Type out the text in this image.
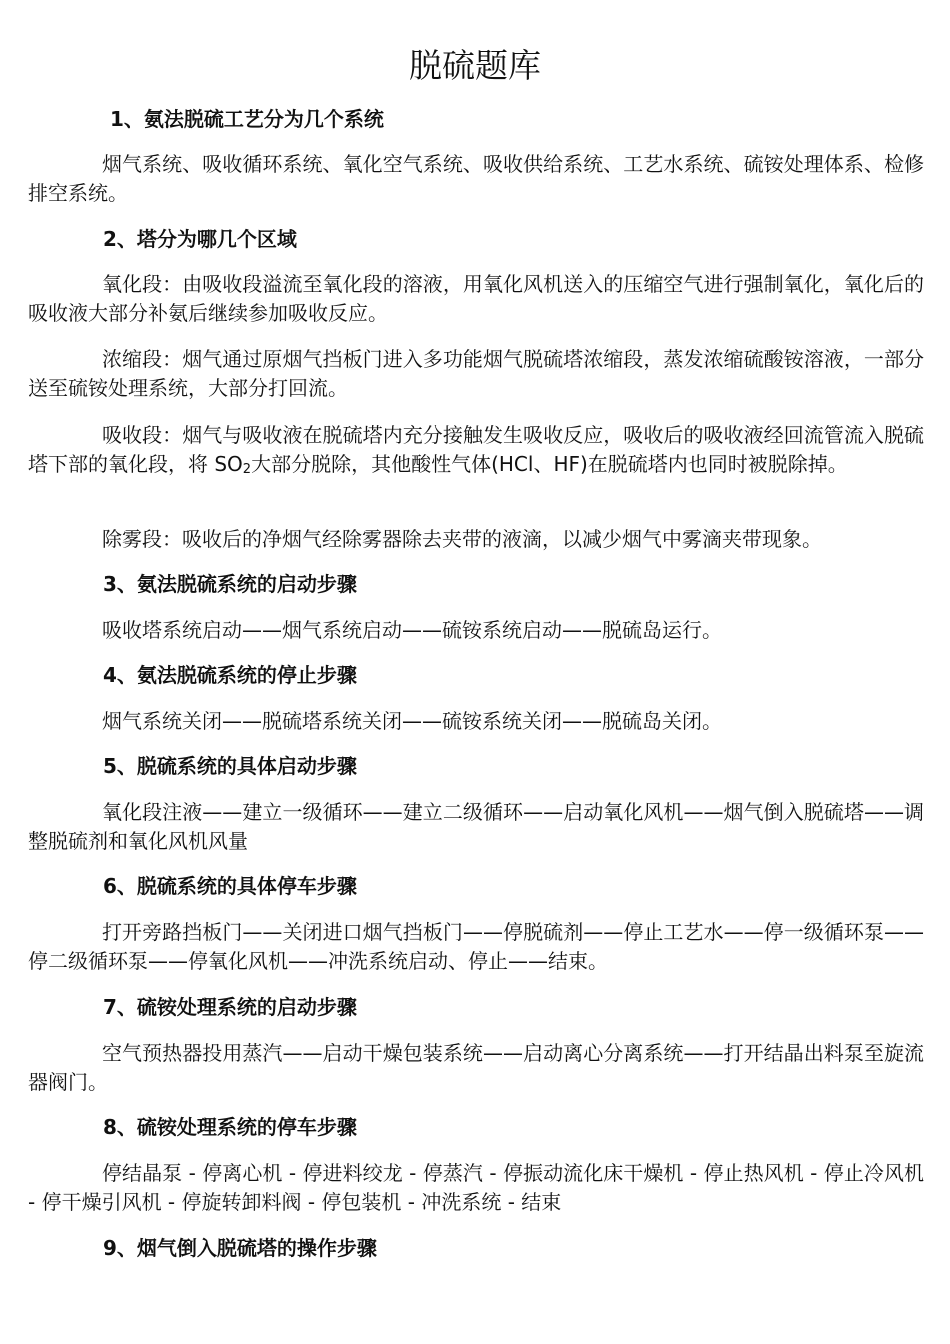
脱硫题库

1、氨法脱硫工艺分为几个系统

烟气系统、吸收循环系统、氧化空气系统、吸收供给系统、工艺水系统、硫铵处理体系、检修排空系统。

2、塔分为哪几个区域

氧化段：由吸收段溢流至氧化段的溶液，用氧化风机送入的压缩空气进行强制氧化，氧化后的吸收液大部分补氨后继续参加吸收反应。

浓缩段：烟气通过原烟气挡板门进入多功能烟气脱硫塔浓缩段，蒸发浓缩硫酸铵溶液，一部分送至硫铵处理系统，大部分打回流。

吸收段：烟气与吸收液在脱硫塔内充分接触发生吸收反应，吸收后的吸收液经回流管流入脱硫塔下部的氧化段，将 $SO_2$大部分脱除，其他酸性气体(HCl、HF)在脱硫塔内也同时被脱除掉。

除雾段：吸收后的净烟气经除雾器除去夹带的液滴，以减少烟气中雾滴夹带现象。

3、氨法脱硫系统的启动步骤

吸收塔系统启动——烟气系统启动——硫铵系统启动——脱硫岛运行。

4、氨法脱硫系统的停止步骤

烟气系统关闭——脱硫塔系统关闭——硫铵系统关闭——脱硫岛关闭。

5、脱硫系统的具体启动步骤

氧化段注液——建立一级循环——建立二级循环——启动氧化风机——烟气倒入脱硫塔——调整脱硫剂和氧化风机风量

6、脱硫系统的具体停车步骤

打开旁路挡板门——关闭进口烟气挡板门——停脱硫剂——停止工艺水——停一级循环泵——停二级循环泵——停氧化风机——冲洗系统启动、停止——结束。

7、硫铵处理系统的启动步骤

空气预热器投用蒸汽——启动干燥包装系统——启动离心分离系统——打开结晶出料泵至旋流器阀门。

8、硫铵处理系统的停车步骤

停结晶泵 - 停离心机 - 停进料绞龙 - 停蒸汽 - 停振动流化床干燥机 - 停止热风机 - 停止冷风机 - 停干燥引风机 - 停旋转卸料阀 - 停包装机 - 冲洗系统 - 结束

9、烟气倒入脱硫塔的操作步骤
